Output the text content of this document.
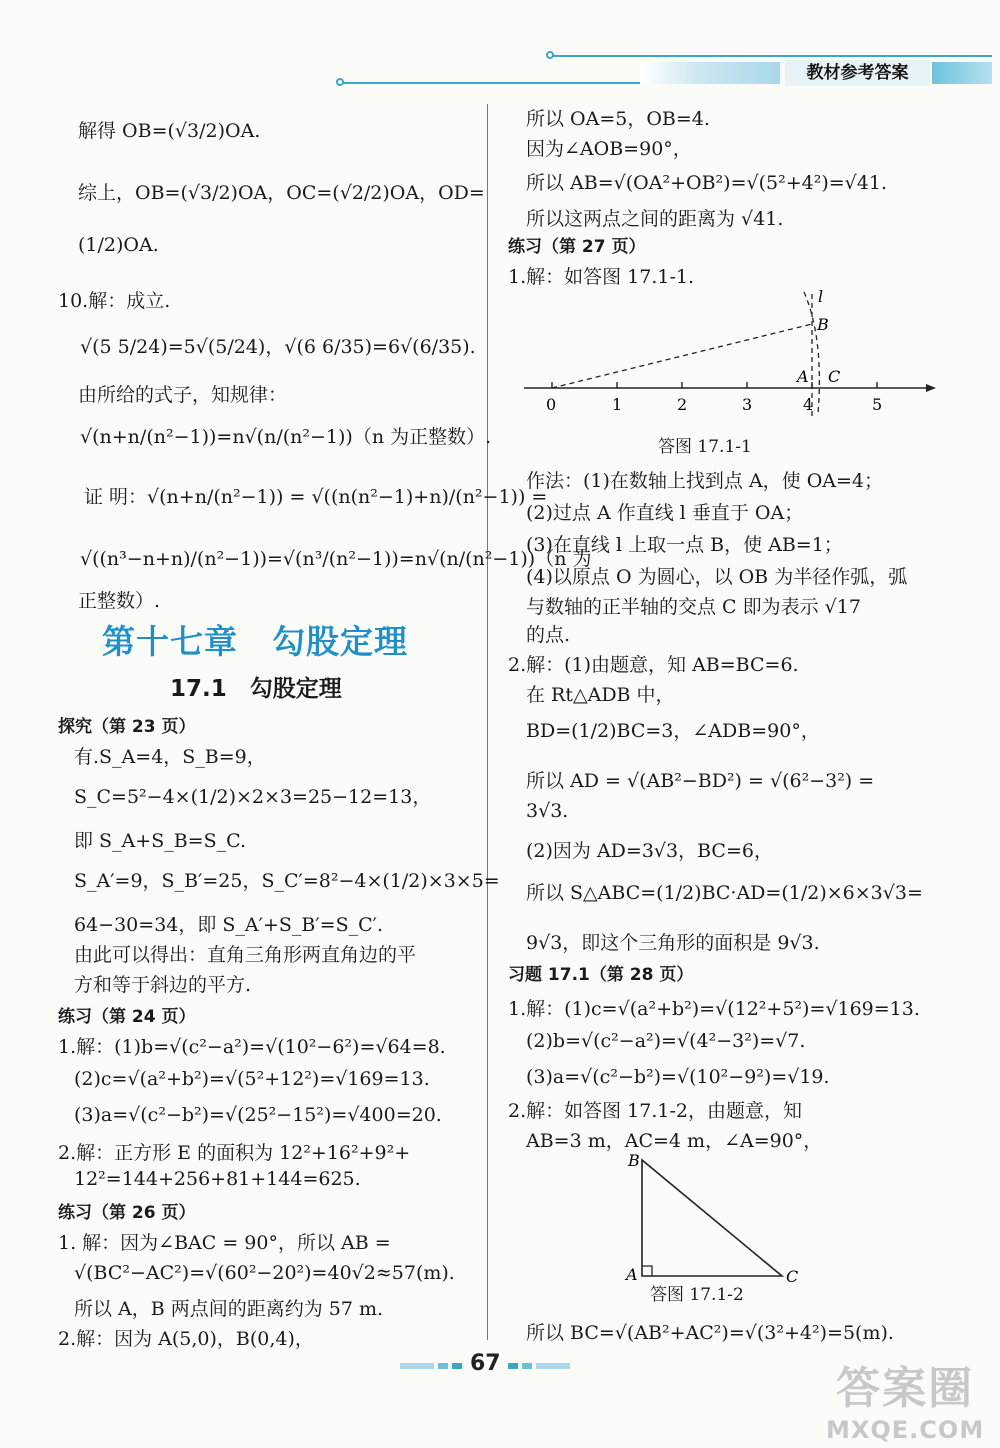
教材参考答案
第十七章　勾股定理
17.1　勾股定理
解得 OB=(√3/2)OA.
综上，OB=(√3/2)OA，OC=(√2/2)OA，OD=
(1/2)OA.
10.解：成立.
√(5 5/24)=5√(5/24)，√(6 6/35)=6√(6/35).
由所给的式子，知规律：
√(n+n/(n²−1))=n√(n/(n²−1))（n 为正整数）.
证 明：√(n+n/(n²−1)) = √((n(n²−1)+n)/(n²−1)) =
√((n³−n+n)/(n²−1))=√(n³/(n²−1))=n√(n/(n²−1))（n 为
正整数）.
探究（第 23 页）
有.S_A=4，S_B=9，
S_C=5²−4×(1/2)×2×3=25−12=13，
即 S_A+S_B=S_C.
S_A′=9，S_B′=25，S_C′=8²−4×(1/2)×3×5=
64−30=34，即 S_A′+S_B′=S_C′.
由此可以得出：直角三角形两直角边的平
方和等于斜边的平方.
练习（第 24 页）
1.解：(1)b=√(c²−a²)=√(10²−6²)=√64=8.
(2)c=√(a²+b²)=√(5²+12²)=√169=13.
(3)a=√(c²−b²)=√(25²−15²)=√400=20.
2.解：正方形 E 的面积为 12²+16²+9²+
12²=144+256+81+144=625.
练习（第 26 页）
1. 解：因为∠BAC = 90°，所以 AB =
√(BC²−AC²)=√(60²−20²)=40√2≈57(m).
所以 A，B 两点间的距离约为 57 m.
2.解：因为 A(5,0)，B(0,4)，
0	1	2	3	4	5
l
B
A C
答图 17.1-1
B
A	C
答图 17.1-2
所以 OA=5，OB=4.
因为∠AOB=90°，
所以 AB=√(OA²+OB²)=√(5²+4²)=√41.
所以这两点之间的距离为 √41.
练习（第 27 页）
1.解：如答图 17.1-1.
作法：(1)在数轴上找到点 A，使 OA=4；
(2)过点 A 作直线 l 垂直于 OA；
(3)在直线 l 上取一点 B，使 AB=1；
(4)以原点 O 为圆心，以 OB 为半径作弧，弧
与数轴的正半轴的交点 C 即为表示 √17
的点.
2.解：(1)由题意，知 AB=BC=6.
在 Rt△ADB 中，
BD=(1/2)BC=3，∠ADB=90°，
所以 AD = √(AB²−BD²) = √(6²−3²) =
3√3.
(2)因为 AD=3√3，BC=6，
所以 S△ABC=(1/2)BC·AD=(1/2)×6×3√3=
9√3，即这个三角形的面积是 9√3.
习题 17.1（第 28 页）
1.解：(1)c=√(a²+b²)=√(12²+5²)=√169=13.
(2)b=√(c²−a²)=√(4²−3²)=√7.
(3)a=√(c²−b²)=√(10²−9²)=√19.
2.解：如答图 17.1-2，由题意，知
AB=3 m，AC=4 m，∠A=90°，
所以 BC=√(AB²+AC²)=√(3²+4²)=5(m).
67	答案圈
MXQE.COM
